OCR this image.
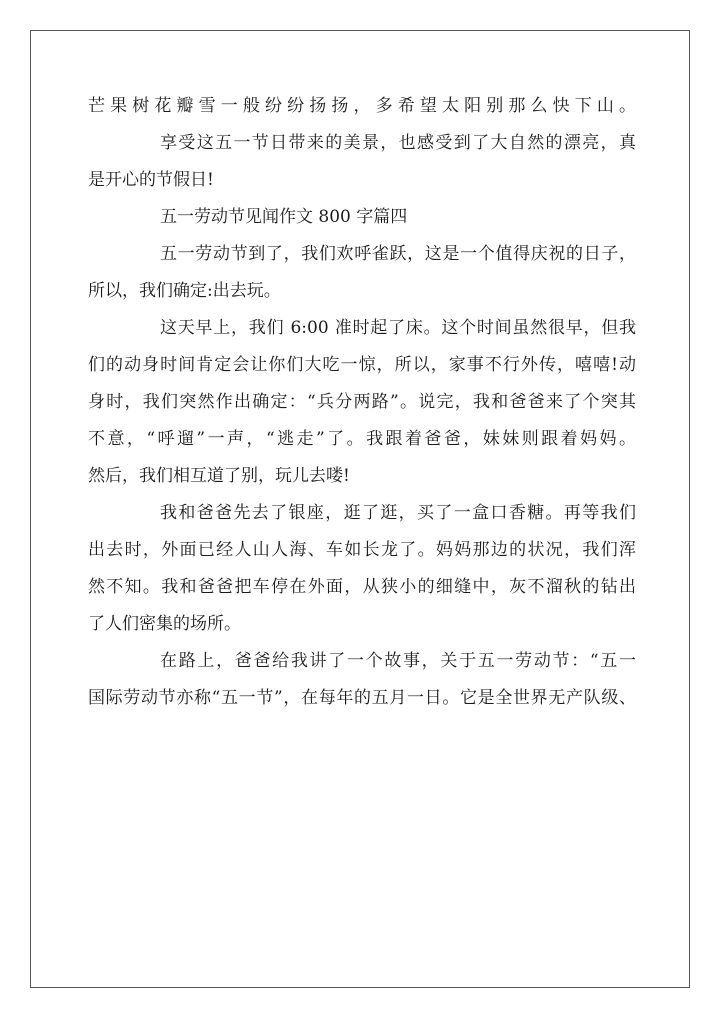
芒果树花瓣雪一般纷纷扬扬，多希望太阳别那么快下山。
享受这五一节日带来的美景，也感受到了大自然的漂亮，真
是开心的节假日!
五一劳动节见闻作文 800 字篇四
五一劳动节到了，我们欢呼雀跃，这是一个值得庆祝的日子，
所以，我们确定:出去玩。
这天早上，我们 6:00 准时起了床。这个时间虽然很早，但我
们的动身时间肯定会让你们大吃一惊，所以，家事不行外传，嘻嘻!动
身时，我们突然作出确定：“兵分两路”。说完，我和爸爸来了个突其
不意，“呼遛”一声，“逃走”了。我跟着爸爸，妹妹则跟着妈妈。
然后，我们相互道了别，玩儿去喽!
我和爸爸先去了银座，逛了逛，买了一盒口香糖。再等我们
出去时，外面已经人山人海、车如长龙了。妈妈那边的状况，我们浑
然不知。我和爸爸把车停在外面，从狭小的细缝中，灰不溜秋的钻出
了人们密集的场所。
在路上，爸爸给我讲了一个故事，关于五一劳动节：“五一
国际劳动节亦称“五一节”，在每年的五月一日。它是全世界无产队级、
